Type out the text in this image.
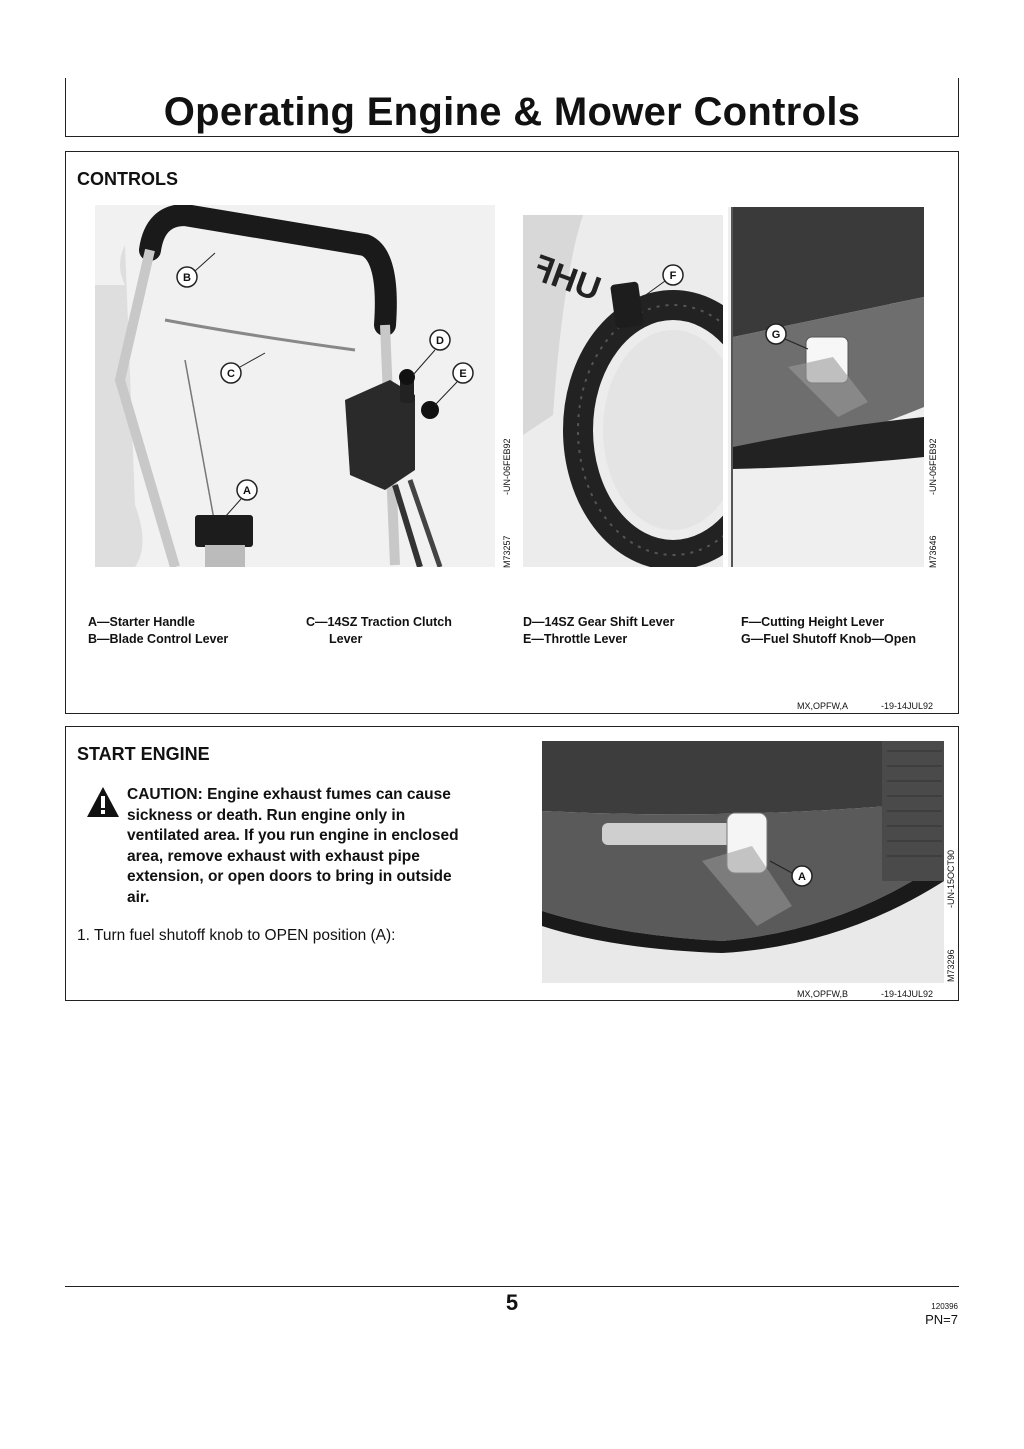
Operating Engine & Mower Controls
CONTROLS
B
C
D
E
A
M73257
-UN-06FEB92
ꟻHU	F
G
M73646
-UN-06FEB92
A—Starter Handle
B—Blade Control Lever
C—14SZ Traction Clutch
Lever
D—14SZ Gear Shift Lever
E—Throttle Lever
F—Cutting Height Lever
G—Fuel Shutoff Knob—Open
MX,OPFW,A	-19-14JUL92
START ENGINE
CAUTION: Engine exhaust fumes can cause
sickness or death. Run engine only in
ventilated area. If you run engine in enclosed
area, remove exhaust with exhaust pipe
extension, or open doors to bring in outside
air.
1. Turn fuel shutoff knob to OPEN position (A):
A
M73296
-UN-15OCT90
MX,OPFW,B	-19-14JUL92
5	120396
PN=7
